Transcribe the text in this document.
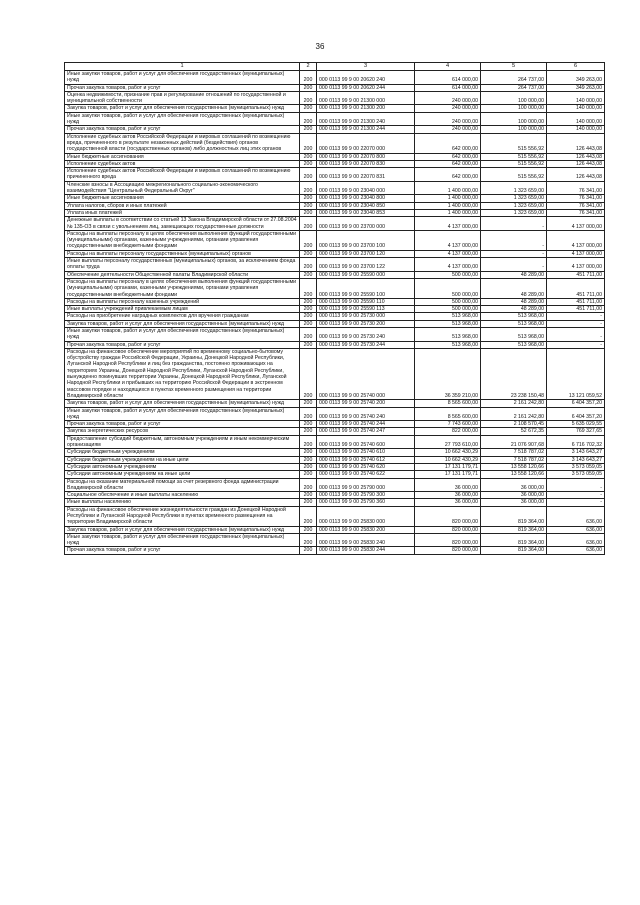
36
1	2	3	4	5	6
Иные закупки товаров, работ и услуг для обеспечения государственных (муниципальных) нужд	200	000 0113 99 9 00 20620 240	614 000,00	264 737,00	349 263,00
Прочая закупка товаров, работ и услуг	200	000 0113 99 9 00 20620 244	614 000,00	264 737,00	349 263,00
Оценка недвижимости, признание прав и регулирование отношений по государственной и муниципальной собственности	200	000 0113 99 9 00 21300 000	240 000,00	100 000,00	140 000,00
Закупка товаров, работ и услуг для обеспечения государственных (муниципальных) нужд	200	000 0113 99 9 00 21300 200	240 000,00	100 000,00	140 000,00
Иные закупки товаров, работ и услуг для обеспечения государственных (муниципальных) нужд	200	000 0113 99 9 00 21300 240	240 000,00	100 000,00	140 000,00
Прочая закупка товаров, работ и услуг	200	000 0113 99 9 00 21300 244	240 000,00	100 000,00	140 000,00
Исполнение судебных актов Российской Федерации и мировых соглашений по возмещению вреда, причиненного в результате незаконных действий (бездействия) органов государственной власти (государственных органов) либо должностных лиц этих органов	200	000 0113 99 9 00 22070 000	642 000,00	515 556,92	126 443,08
Иные бюджетные ассигнования	200	000 0113 99 9 00 22070 800	642 000,00	515 556,92	126 443,08
Исполнение судебных актов	200	000 0113 99 9 00 22070 830	642 000,00	515 556,92	126 443,08
Исполнение судебных актов Российской Федерации и мировых соглашений по возмещению причиненного вреда	200	000 0113 99 9 00 22070 831	642 000,00	515 556,92	126 443,08
Членские взносы в Ассоциацию межрегионального социально-экономического взаимодействия "Центральный Федеральный Округ"	200	000 0113 99 9 00 23040 000	1 400 000,00	1 323 659,00	76 341,00
Иные бюджетные ассигнования	200	000 0113 99 9 00 23040 800	1 400 000,00	1 323 659,00	76 341,00
Уплата налогов, сборов и иных платежей	200	000 0113 99 9 00 23040 850	1 400 000,00	1 323 659,00	76 341,00
Уплата иных платежей	200	000 0113 99 9 00 23040 853	1 400 000,00	1 323 659,00	76 341,00
Денежные выплаты в соответствии со статьей 13 Закона Владимирской области от 27.08.2004 № 135-ОЗ в связи с увольнением лиц, замещающих государственные должности	200	000 0113 99 9 00 23700 000	4 137 000,00	-	4 137 000,00
Расходы на выплаты персоналу в целях обеспечения выполнения функций государственными (муниципальными) органами, казенными учреждениями, органами управления государственными внебюджетными фондами	200	000 0113 99 9 00 23700 100	4 137 000,00	-	4 137 000,00
Расходы на выплаты персоналу государственных (муниципальных) органов	200	000 0113 99 9 00 23700 120	4 137 000,00	-	4 137 000,00
Иные выплаты персоналу государственных (муниципальных) органов, за исключением фонда оплаты труда	200	000 0113 99 9 00 23700 122	4 137 000,00	-	4 137 000,00
Обеспечение деятельности Общественной палаты Владимирской области	200	000 0113 99 9 00 25590 000	500 000,00	48 289,00	451 711,00
Расходы на выплаты персоналу в целях обеспечения выполнения функций государственными (муниципальными) органами, казенными учреждениями, органами управления государственными внебюджетными фондами	200	000 0113 99 9 00 25590 100	500 000,00	48 289,00	451 711,00
Расходы на выплаты персоналу казенных учреждений	200	000 0113 99 9 00 25590 110	500 000,00	48 289,00	451 711,00
Иные выплаты учреждений привлекаемым лицам	200	000 0113 99 9 00 25590 113	500 000,00	48 289,00	451 711,00
Расходы на приобретение наградных комплектов для вручения гражданам	200	000 0113 99 9 00 25730 000	513 968,00	513 968,00	-
Закупка товаров, работ и услуг для обеспечения государственных (муниципальных) нужд	200	000 0113 99 9 00 25730 200	513 968,00	513 968,00	-
Иные закупки товаров, работ и услуг для обеспечения государственных (муниципальных) нужд	200	000 0113 99 9 00 25730 240	513 968,00	513 968,00	-
Прочая закупка товаров, работ и услуг	200	000 0113 99 9 00 25730 244	513 968,00	513 968,00	-
Расходы на финансовое обеспечение мероприятий по временному социально-бытовому обустройству граждан Российской Федерации, Украины, Донецкой Народной Республики, Луганской Народной Республики и лиц без гражданства, постоянно проживающих на территориях Украины, Донецкой Народной Республики, Луганской Народной Республики, вынужденно покинувших территории Украины, Донецкой Народной Республики, Луганской Народной Республики и прибывших на территорию Российской Федерации в экстренном массовом порядке и находящихся в пунктах временного размещения на территории Владимирской области	200	000 0113 99 9 00 25740 000	36 359 210,00	23 238 150,48	13 121 059,52
Закупка товаров, работ и услуг для обеспечения государственных (муниципальных) нужд	200	000 0113 99 9 00 25740 200	8 565 600,00	2 161 242,80	6 404 357,20
Иные закупки товаров, работ и услуг для обеспечения государственных (муниципальных) нужд	200	000 0113 99 9 00 25740 240	8 565 600,00	2 161 242,80	6 404 357,20
Прочая закупка товаров, работ и услуг	200	000 0113 99 9 00 25740 244	7 743 600,00	2 108 570,45	5 635 029,55
Закупка энергетических ресурсов	200	000 0113 99 9 00 25740 247	822 000,00	52 672,35	769 327,65
Предоставление субсидий бюджетным, автономным учреждениям и иным некоммерческим организациям	200	000 0113 99 9 00 25740 600	27 793 610,00	21 076 907,68	6 716 702,32
Субсидии бюджетным учреждениям	200	000 0113 99 9 00 25740 610	10 662 430,29	7 518 787,02	3 143 643,27
Субсидии бюджетным учреждениям на иные цели	200	000 0113 99 9 00 25740 612	10 662 430,29	7 518 787,02	3 143 643,27
Субсидии автономным учреждениям	200	000 0113 99 9 00 25740 620	17 131 179,71	13 558 120,66	3 573 059,05
Субсидии автономным учреждениям на иные цели	200	000 0113 99 9 00 25740 622	17 131 179,71	13 558 120,66	3 573 059,05
Расходы на оказание материальной помощи за счет резервного фонда администрации Владимирской области	200	000 0113 99 9 00 25790 000	36 000,00	36 000,00	-
Социальное обеспечение и иные выплаты населению	200	000 0113 99 9 00 25790 300	36 000,00	36 000,00	-
Иные выплаты населению	200	000 0113 99 9 00 25790 360	36 000,00	36 000,00	-
Расходы на финансовое обеспечение жизнедеятельности граждан из Донецкой Народной Республики и Луганской Народной Республики в пунктах временного размещения на территории Владимирской области	200	000 0113 99 9 00 25830 000	820 000,00	819 364,00	636,00
Закупка товаров, работ и услуг для обеспечения государственных (муниципальных) нужд	200	000 0113 99 9 00 25830 200	820 000,00	819 364,00	636,00
Иные закупки товаров, работ и услуг для обеспечения государственных (муниципальных) нужд	200	000 0113 99 9 00 25830 240	820 000,00	819 364,00	636,00
Прочая закупка товаров, работ и услуг	200	000 0113 99 9 00 25830 244	820 000,00	819 364,00	636,00
